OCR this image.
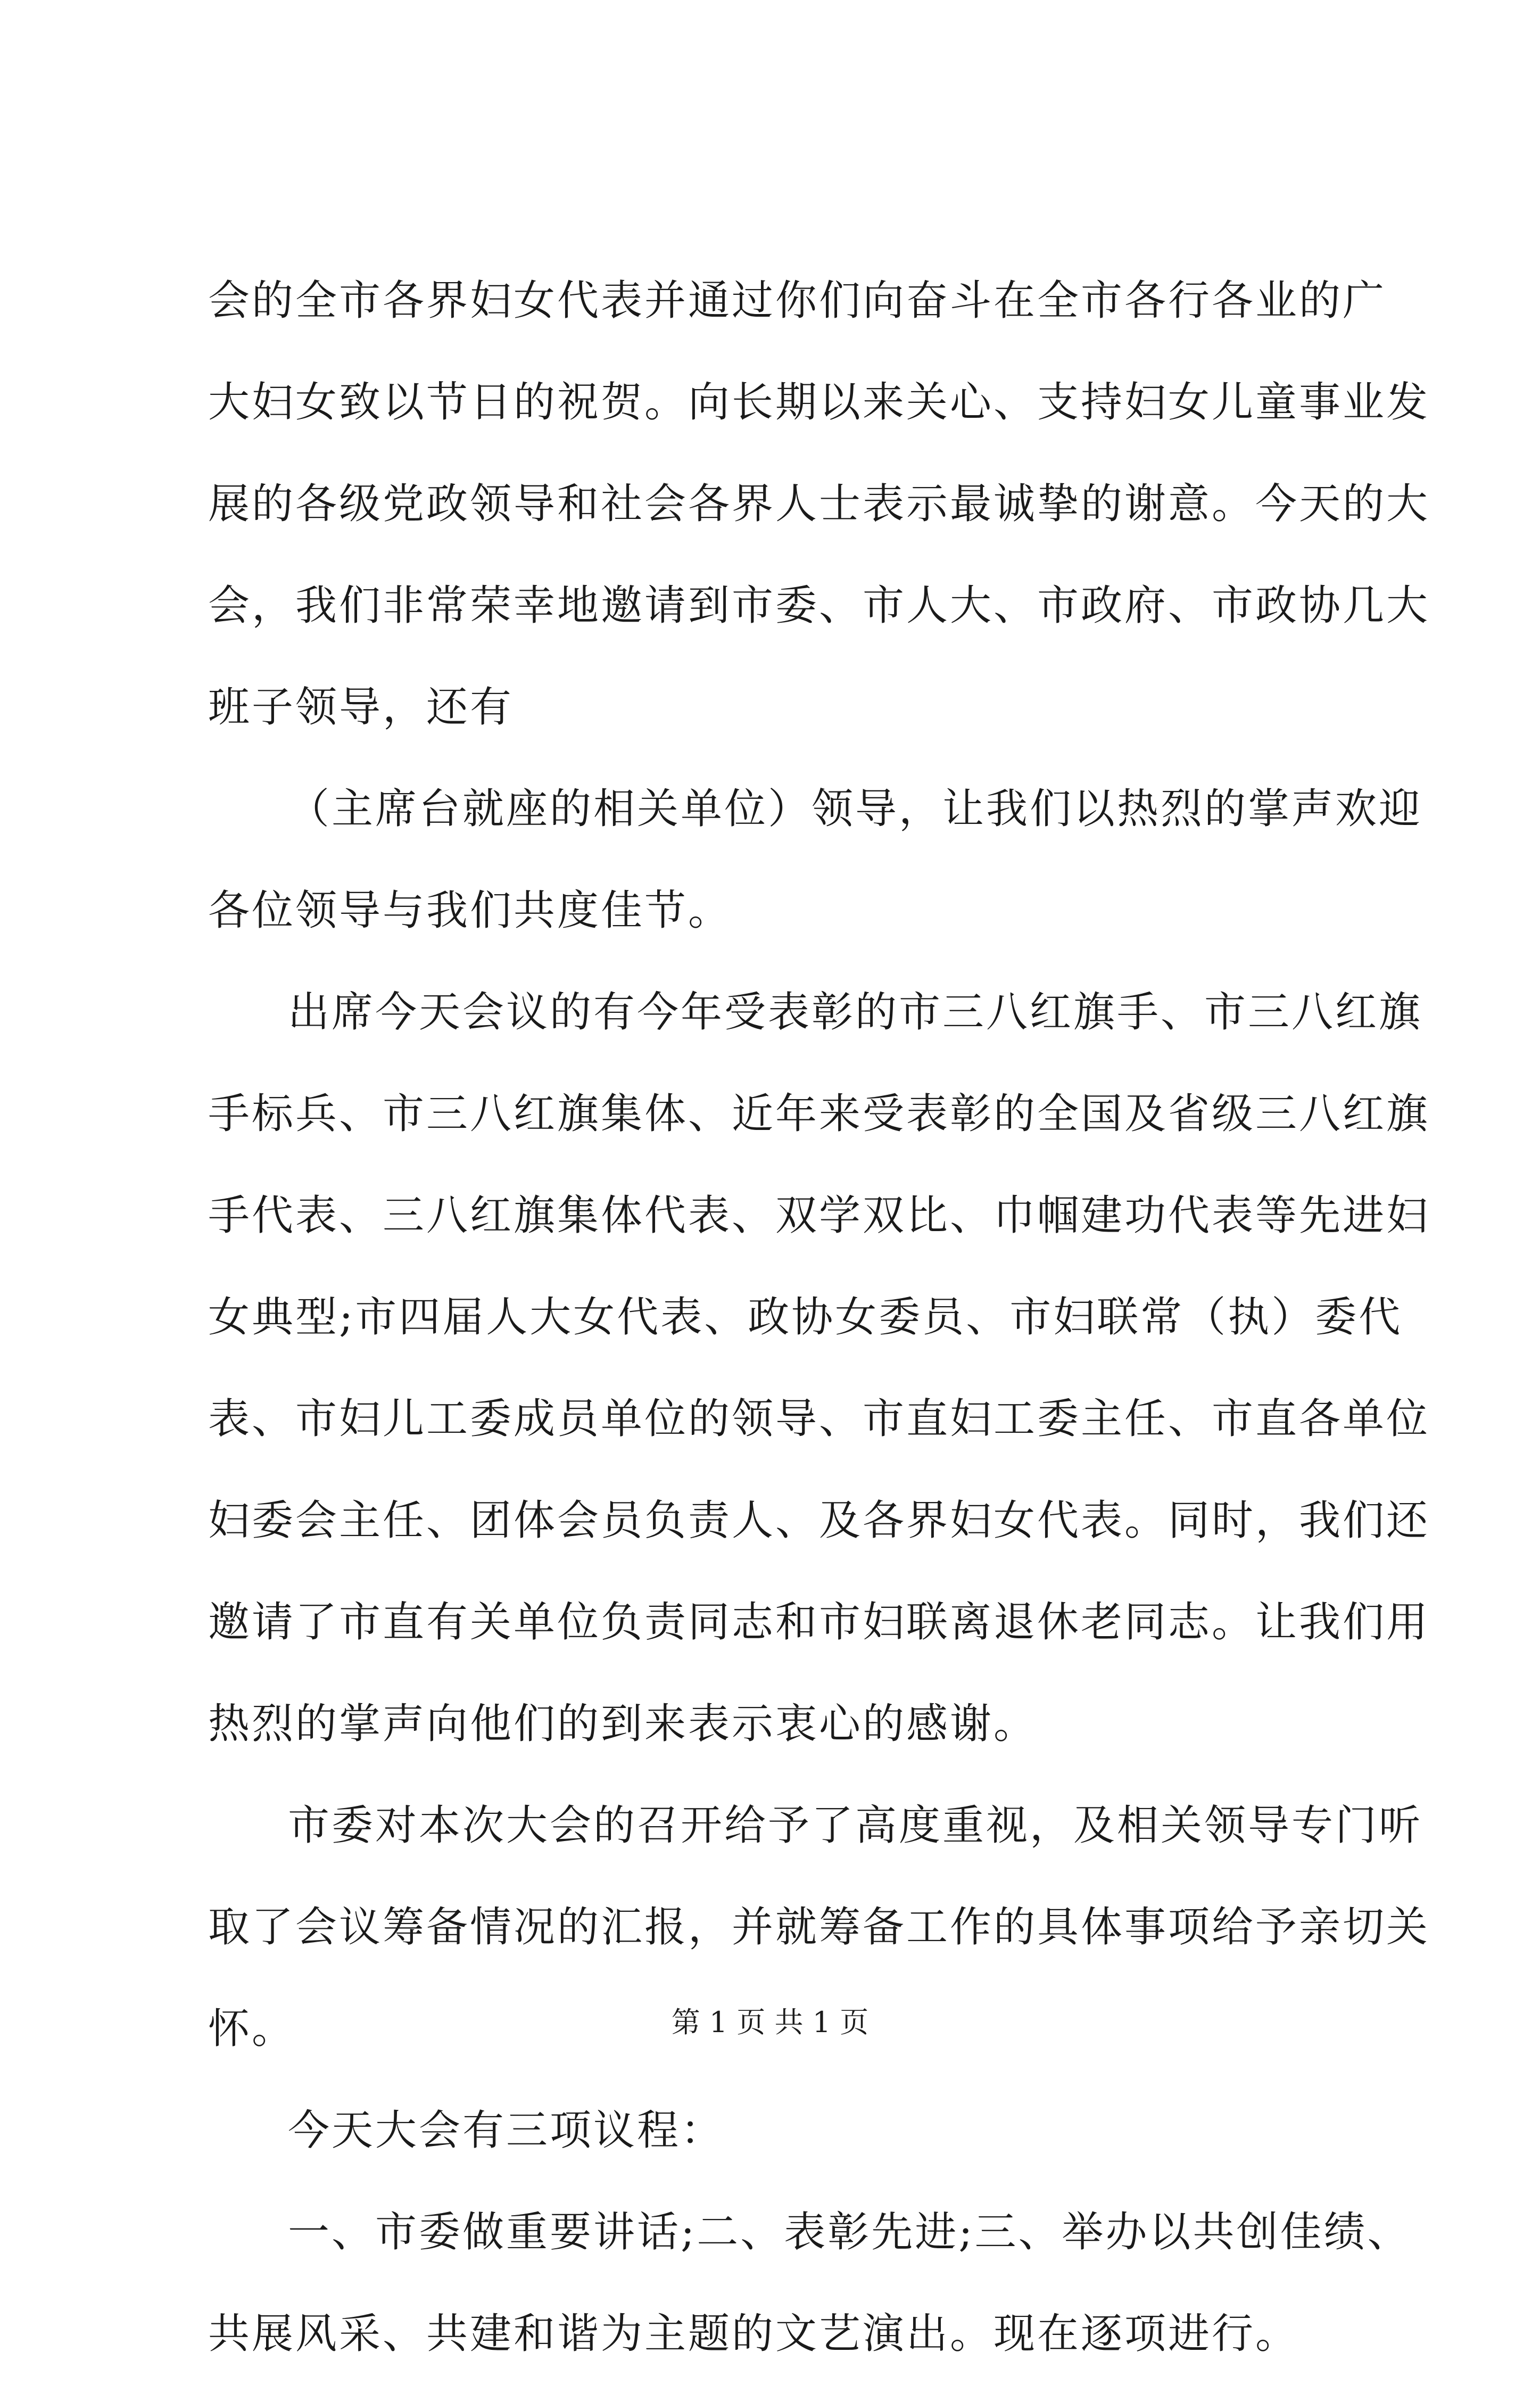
会的全市各界妇女代表并通过你们向奋斗在全市各行各业的广
大妇女致以节日的祝贺。向长期以来关心、支持妇女儿童事业发
展的各级党政领导和社会各界人士表示最诚挚的谢意。今天的大
会，我们非常荣幸地邀请到市委、市人大、市政府、市政协几大
班子领导，还有
（主席台就座的相关单位）领导，让我们以热烈的掌声欢迎
各位领导与我们共度佳节。
出席今天会议的有今年受表彰的市三八红旗手、市三八红旗
手标兵、市三八红旗集体、近年来受表彰的全国及省级三八红旗
手代表、三八红旗集体代表、双学双比、巾帼建功代表等先进妇
女典型;市四届人大女代表、政协女委员、市妇联常（执）委代
表、市妇儿工委成员单位的领导、市直妇工委主任、市直各单位
妇委会主任、团体会员负责人、及各界妇女代表。同时，我们还
邀请了市直有关单位负责同志和市妇联离退休老同志。让我们用
热烈的掌声向他们的到来表示衷心的感谢。
市委对本次大会的召开给予了高度重视，及相关领导专门听
取了会议筹备情况的汇报，并就筹备工作的具体事项给予亲切关
怀。
今天大会有三项议程：
一、市委做重要讲话;二、表彰先进;三、举办以共创佳绩、
共展风采、共建和谐为主题的文艺演出。现在逐项进行。
第 1 页 共 1 页
